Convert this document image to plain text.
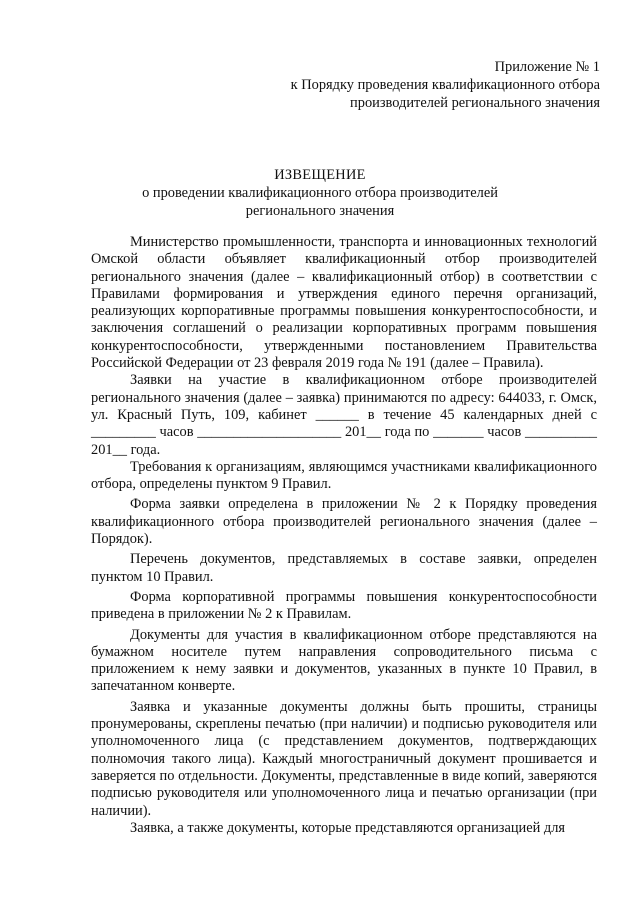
Приложение № 1
к Порядку проведения квалификационного отбора
производителей регионального значения
ИЗВЕЩЕНИЕ
о проведении квалификационного отбора производителей
регионального значения

Министерство промышленности, транспорта и инновационных технологий Омской области объявляет квалификационный отбор производителей регионального значения (далее – квалификационный отбор) в соответствии с Правилами формирования и утверждения единого перечня организаций, реализующих корпоративные программы повышения конкурентоспособности, и заключения соглашений о реализации корпоративных программ повышения конкурентоспособности, утвержденными постановлением Правительства Российской Федерации от 23 февраля 2019 года № 191 (далее – Правила).

Заявки на участие в квалификационном отборе производителей регионального значения (далее – заявка) принимаются по адресу: 644033, г. Омск, ул. Красный Путь, 109, кабинет ______ в течение 45 календарных дней с _________ часов ____________________ 201__ года по _______ часов __________ 201__ года.

Требования к организациям, являющимся участниками квалификационного отбора, определены пунктом 9 Правил.

Форма заявки определена в приложении № 2 к Порядку проведения квалификационного отбора производителей регионального значения (далее – Порядок).

Перечень документов, представляемых в составе заявки, определен пунктом 10 Правил.

Форма корпоративной программы повышения конкурентоспособности приведена в приложении № 2 к Правилам.

Документы для участия в квалификационном отборе представляются на бумажном носителе путем направления сопроводительного письма с приложением к нему заявки и документов, указанных в пункте 10 Правил, в запечатанном конверте.

Заявка и указанные документы должны быть прошиты, страницы пронумерованы, скреплены печатью (при наличии) и подписью руководителя или уполномоченного лица (с представлением документов, подтверждающих полномочия такого лица). Каждый многостраничный документ прошивается и заверяется по отдельности. Документы, представленные в виде копий, заверяются подписью руководителя или уполномоченного лица и печатью организации (при наличии).

Заявка, а также документы, которые представляются организацией для
